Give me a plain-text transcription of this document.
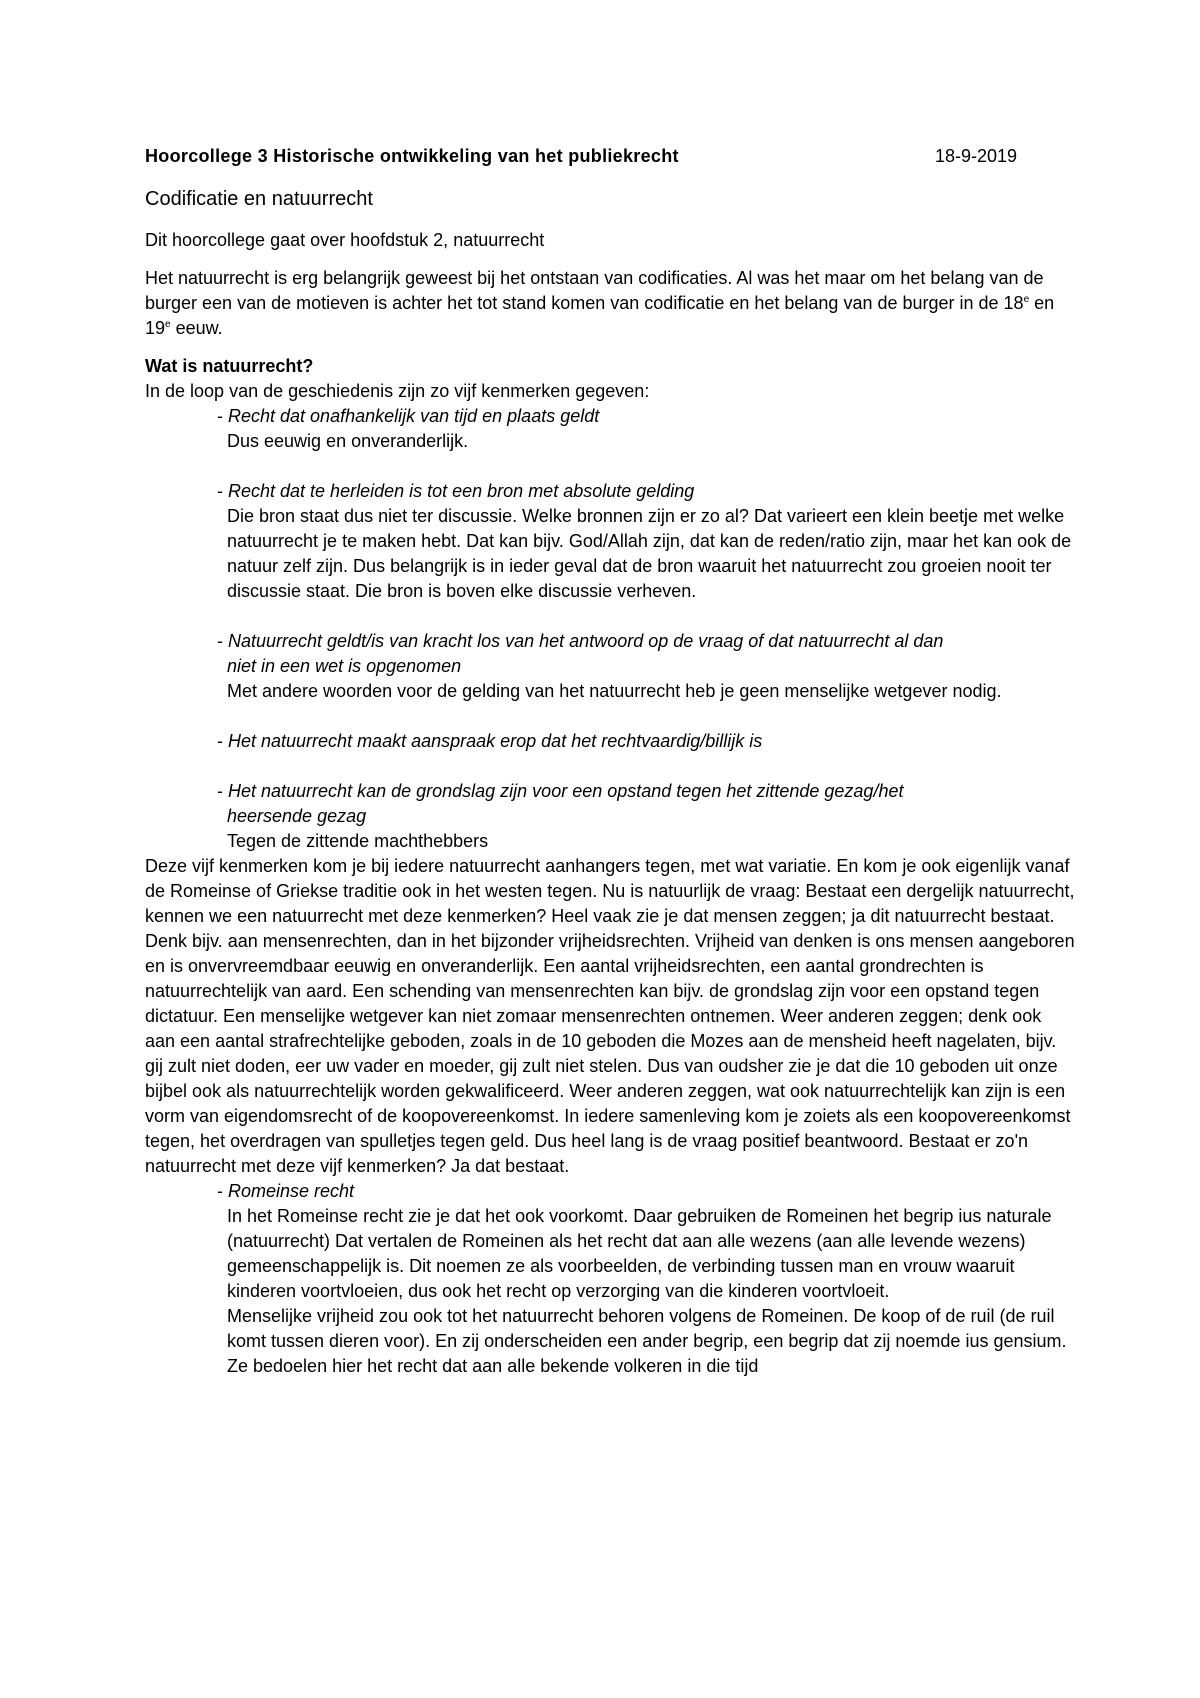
Hoorcollege 3 Historische ontwikkeling van het publiekrecht	18-9-2019
Codificatie en natuurrecht

Dit hoorcollege gaat over hoofdstuk 2, natuurrecht

Het natuurrecht is erg belangrijk geweest bij het ontstaan van codificaties. Al was het maar om het belang van de burger een van de motieven is achter het tot stand komen van codificatie en het belang van de burger in de 18e en 19e eeuw.

Wat is natuurrecht?
In de loop van de geschiedenis zijn zo vijf kenmerken gegeven:
- Recht dat onafhankelijk van tijd en plaats geldt
Dus eeuwig en onveranderlijk.
- Recht dat te herleiden is tot een bron met absolute gelding
Die bron staat dus niet ter discussie. Welke bronnen zijn er zo al? Dat varieert een klein beetje met welke natuurrecht je te maken hebt. Dat kan bijv. God/Allah zijn, dat kan de reden/ratio zijn, maar het kan ook de natuur zelf zijn. Dus belangrijk is in ieder geval dat de bron waaruit het natuurrecht zou groeien nooit ter discussie staat. Die bron is boven elke discussie verheven.
- Natuurrecht geldt/is van kracht los van het antwoord op de vraag of dat natuurrecht al dan
niet in een wet is opgenomen
Met andere woorden voor de gelding van het natuurrecht heb je geen menselijke wetgever nodig.
- Het natuurrecht maakt aanspraak erop dat het rechtvaardig/billijk is
- Het natuurrecht kan de grondslag zijn voor een opstand tegen het zittende gezag/het
heersende gezag
Tegen de zittende machthebbers
Deze vijf kenmerken kom je bij iedere natuurrecht aanhangers tegen, met wat variatie. En kom je ook eigenlijk vanaf de Romeinse of Griekse traditie ook in het westen tegen. Nu is natuurlijk de vraag: Bestaat een dergelijk natuurrecht, kennen we een natuurrecht met deze kenmerken? Heel vaak zie je dat mensen zeggen; ja dit natuurrecht bestaat. Denk bijv. aan mensenrechten, dan in het bijzonder vrijheidsrechten. Vrijheid van denken is ons mensen aangeboren en is onvervreemdbaar eeuwig en onveranderlijk. Een aantal vrijheidsrechten, een aantal grondrechten is natuurrechtelijk van aard. Een schending van mensenrechten kan bijv. de grondslag zijn voor een opstand tegen dictatuur. Een menselijke wetgever kan niet zomaar mensenrechten ontnemen. Weer anderen zeggen; denk ook aan een aantal strafrechtelijke geboden, zoals in de 10 geboden die Mozes aan de mensheid heeft nagelaten, bijv. gij zult niet doden, eer uw vader en moeder, gij zult niet stelen. Dus van oudsher zie je dat die 10 geboden uit onze bijbel ook als natuurrechtelijk worden gekwalificeerd. Weer anderen zeggen, wat ook natuurrechtelijk kan zijn is een vorm van eigendomsrecht of de koopovereenkomst. In iedere samenleving kom je zoiets als een koopovereenkomst tegen, het overdragen van spulletjes tegen geld. Dus heel lang is de vraag positief beantwoord. Bestaat er zo'n natuurrecht met deze vijf kenmerken? Ja dat bestaat.
- Romeinse recht
In het Romeinse recht zie je dat het ook voorkomt. Daar gebruiken de Romeinen het begrip ius naturale (natuurrecht) Dat vertalen de Romeinen als het recht dat aan alle wezens (aan alle levende wezens) gemeenschappelijk is. Dit noemen ze als voorbeelden, de verbinding tussen man en vrouw waaruit kinderen voortvloeien, dus ook het recht op verzorging van die kinderen voortvloeit.
Menselijke vrijheid zou ook tot het natuurrecht behoren volgens de Romeinen. De koop of de ruil (de ruil komt tussen dieren voor). En zij onderscheiden een ander begrip, een begrip dat zij noemde ius gensium. Ze bedoelen hier het recht dat aan alle bekende volkeren in die tijd
